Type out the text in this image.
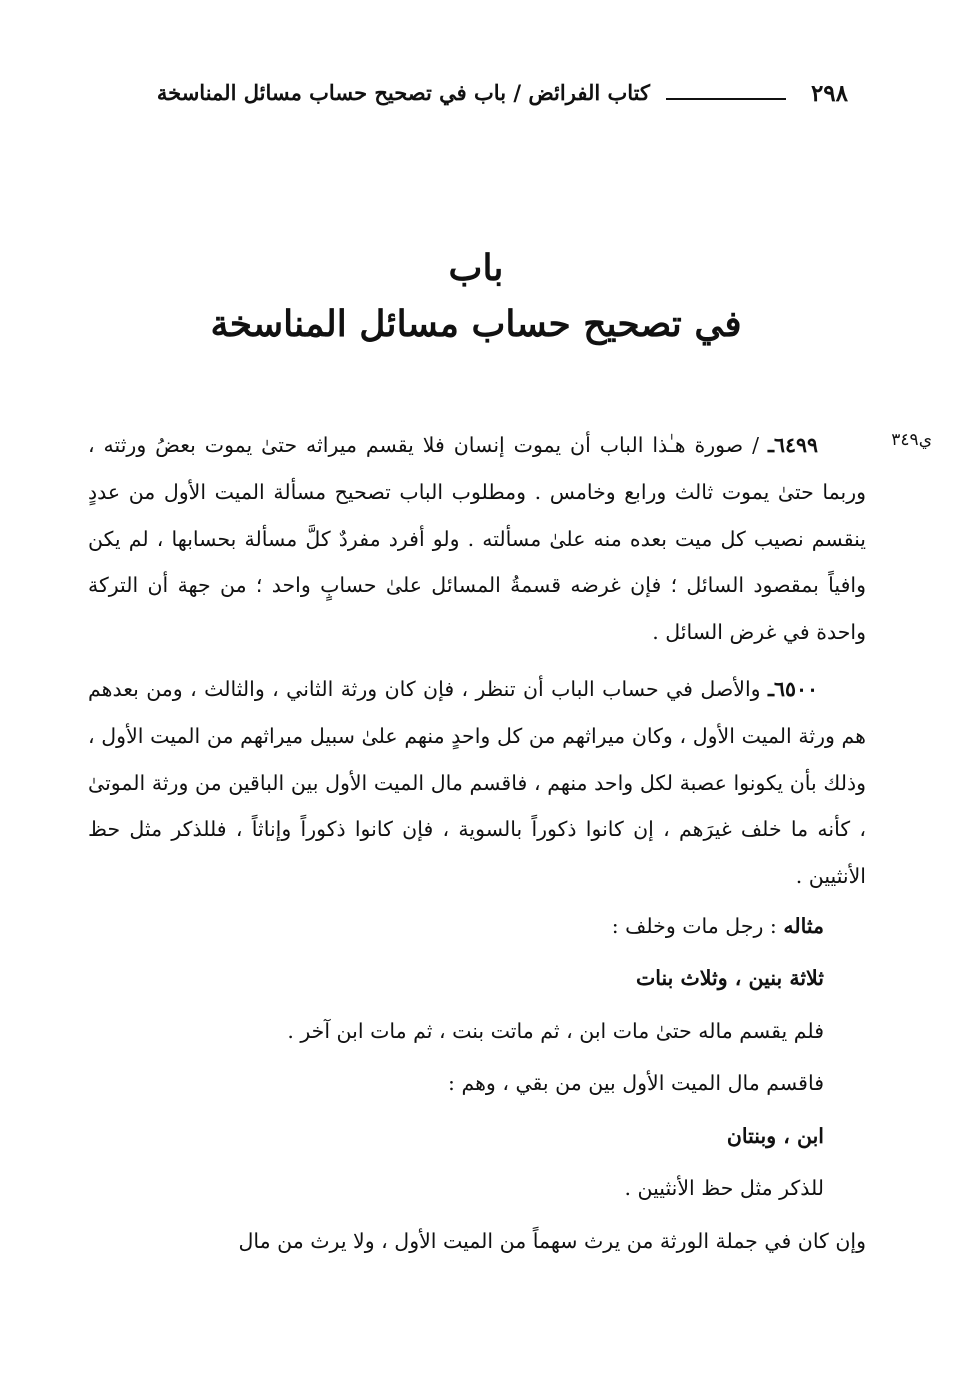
٢٩٨
كتاب الفرائض / باب في تصحيح حساب مسائل المناسخة
باب
في تصحيح حساب مسائل المناسخة
ي٣٤٩

٦٤٩٩ـ / صورة هـٰذا الباب أن يموت إنسان فلا يقسم ميراثه حتىٰ يموت بعضُ ورثته ، وربما حتىٰ يموت ثالث ورابع وخامس . ومطلوب الباب تصحيح مسألة الميت الأول من عددٍ ينقسم نصيب كل ميت بعده منه علىٰ مسألته . ولو أفرد مفردٌ كلَّ مسألة بحسابها ، لم يكن وافياً بمقصود السائل ؛ فإن غرضه قسمةُ المسائل علىٰ حسابٍ واحد ؛ من جهة أن التركة واحدة في غرض السائل .

٦٥٠٠ـ والأصل في حساب الباب أن تنظر ، فإن كان ورثة الثاني ، والثالث ، ومن بعدهم هم ورثة الميت الأول ، وكان ميراثهم من كل واحدٍ منهم علىٰ سبيل ميراثهم من الميت الأول ، وذلك بأن يكونوا عصبة لكل واحد منهم ، فاقسم مال الميت الأول بين الباقين من ورثة الموتىٰ ، كأنه ما خلف غيرَهم ، إن كانوا ذكوراً بالسوية ، فإن كانوا ذكوراً وإناثاً ، فللذكر مثل حظ الأنثيين .

مثاله : رجل مات وخلف :

ثلاثة بنين ، وثلاث بنات

فلم يقسم ماله حتىٰ مات ابن ، ثم ماتت بنت ، ثم مات ابن آخر .

فاقسم مال الميت الأول بين من بقي ، وهم :

ابن ، وبنتان

للذكر مثل حظ الأنثيين .

وإن كان في جملة الورثة من يرث سهماً من الميت الأول ، ولا يرث من مال
